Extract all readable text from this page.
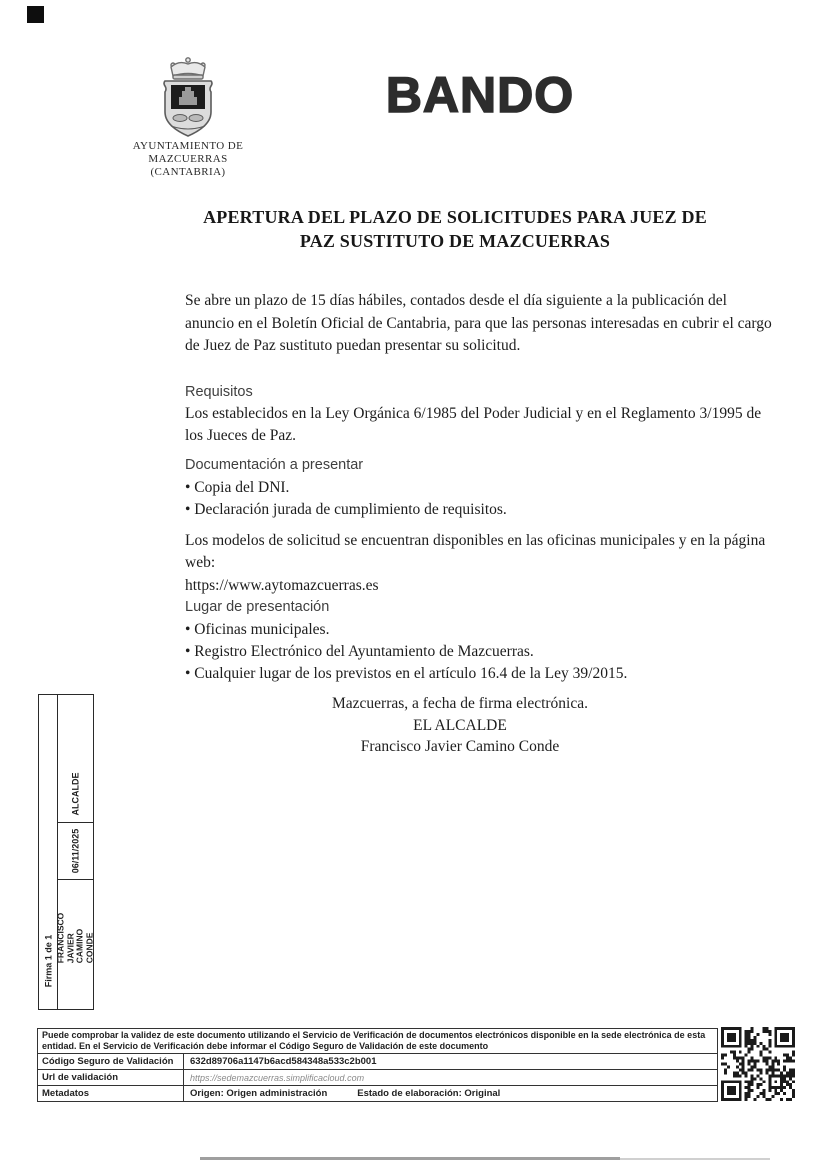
AYUNTAMIENTO DE
MAZCUERRAS
(CANTABRIA)
BANDO
APERTURA DEL PLAZO DE SOLICITUDES PARA JUEZ DE PAZ SUSTITUTO DE MAZCUERRAS

Se abre un plazo de 15 días hábiles, contados desde el día siguiente a la publicación del anuncio en el Boletín Oficial de Cantabria, para que las personas interesadas en cubrir el cargo de Juez de Paz sustituto puedan presentar su solicitud.

Requisitos

Los establecidos en la Ley Orgánica 6/1985 del Poder Judicial y en el Reglamento 3/1995 de los Jueces de Paz.

Documentación a presentar

• Copia del DNI.
• Declaración jurada de cumplimiento de requisitos.

Los modelos de solicitud se encuentran disponibles en las oficinas municipales y en la página web:
https://www.aytomazcuerras.es

Lugar de presentación

• Oficinas municipales.
• Registro Electrónico del Ayuntamiento de Mazcuerras.
• Cualquier lugar de los previstos en el artículo 16.4 de la Ley 39/2015.
Mazcuerras, a fecha de firma electrónica.
EL ALCALDE
Francisco Javier Camino Conde
Firma 1 de 1
ALCALDE
06/11/2025
FRANCISCO JAVIER CAMINO CONDE
Puede comprobar la validez de este documento utilizando el Servicio de Verificación de documentos electrónicos disponible en la sede electrónica de esta entidad. En el Servicio de Verificación debe informar el Código Seguro de Validación de este documento
Código Seguro de Validación	632d89706a1147b6acd584348a533c2b001
Url de validación	https://sedemazcuerras.simplificacloud.com
Metadatos	Origen: Origen administración	Estado de elaboración: Original
